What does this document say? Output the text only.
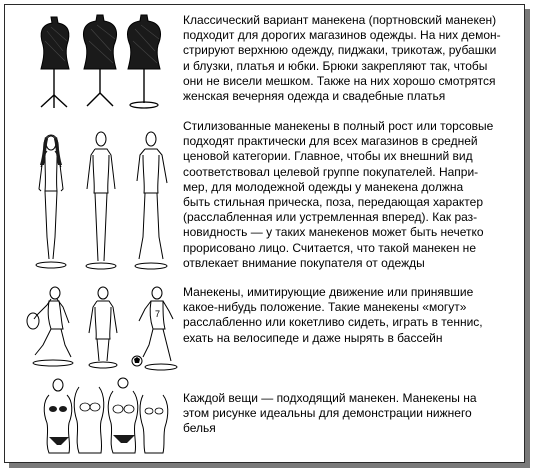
Классический вариант манекена (портновский манекен)
подходит для дорогих магазинов одежды. На них демон-
стрируют верхнюю одежду, пиджаки, трикотаж, рубашки
и блузки, платья и юбки. Брюки закрепляют так, чтобы
они не висели мешком. Также на них хорошо смотрятся
женская вечерняя одежда и свадебные платья

Стилизованные манекены в полный рост или торсовые
подходят практически для всех магазинов в средней
ценовой категории. Главное, чтобы их внешний вид
соответствовал целевой группе покупателей. Напри-
мер, для молодежной одежды у манекена должна
быть стильная прическа, поза, передающая характер
(расслабленная или устремленная вперед). Как раз-
новидность — у таких манекенов может быть нечетко
прорисовано лицо. Считается, что такой манекен не
отвлекает внимание покупателя от одежды

7

Манекены, имитирующие движение или принявшие
какое-нибудь положение. Такие манекены «могут»
расслабленно или кокетливо сидеть, играть в теннис,
ехать на велосипеде и даже нырять в бассейн

Каждой вещи — подходящий манекен. Манекены на
этом рисунке идеальны для демонстрации нижнего
белья
